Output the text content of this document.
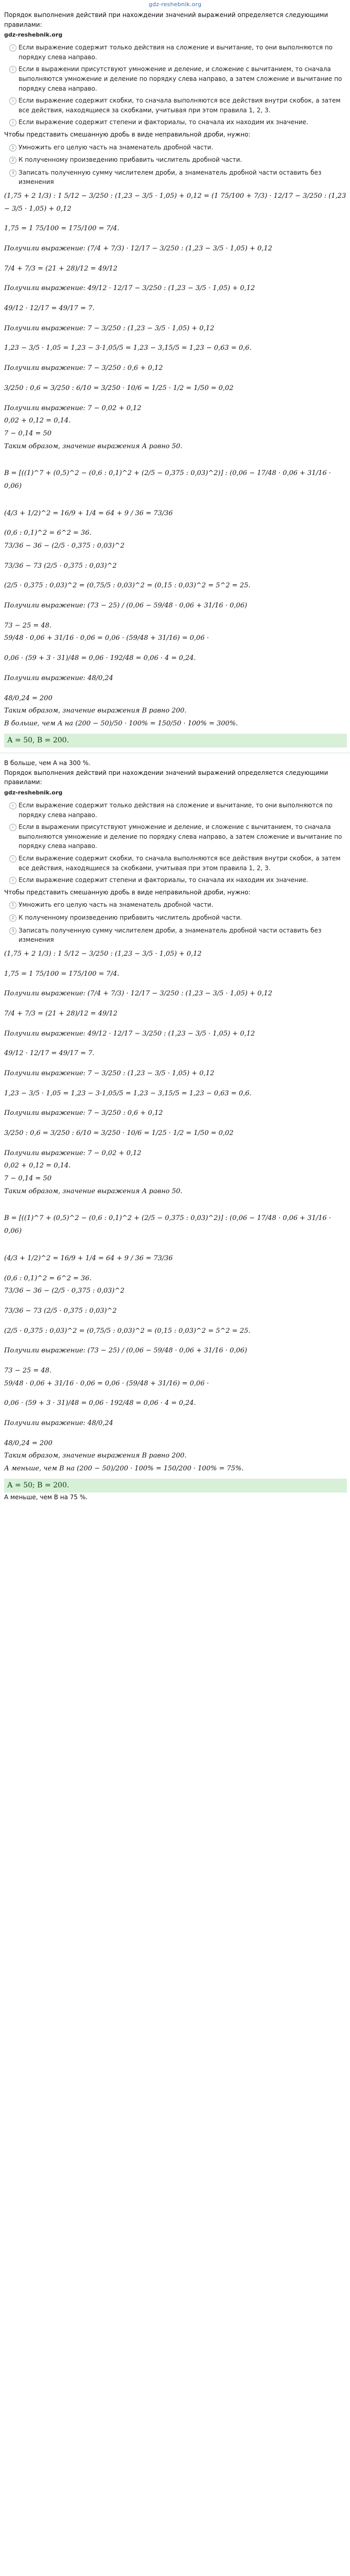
gdz-reshebnik.org

Порядок выполнения действий при нахождении значений выражений определяется следующими правилами:

gdz-reshebnik.org
i Если выражение содержит только действия на сложение и вычитание, то они выполняются по порядку слева направо.
i Если в выражении присутствуют умножение и деление, и сложение с вычитанием, то сначала выполняются умножение и деление по порядку слева направо, а затем сложение и вычитание по порядку слева направо.
i Если выражение содержит скобки, то сначала выполняются все действия внутри скобок, а затем все действия, находящиеся за скобками, учитывая при этом правила 1, 2, 3.
i Если выражение содержит степени и факториалы, то сначала их находим их значение.

Чтобы представить смешанную дробь в виде неправильной дроби, нужно:

1 Умножить его целую часть на знаменатель дробной части.
2 К полученному произведению прибавить числитель дробной части.
3 Записать полученную сумму числителем дроби, а знаменатель дробной части оставить без изменения
(1,75 + 2 1/3) : 1 5/12 − 3/250 : (1,23 − 3/5 · 1,05) + 0,12 = (1 75/100 + 7/3) · 12/17 − 3/250 : (1,23 − 3/5 · 1,05) + 0,12
1,75 = 1 75/100 = 175/100 = 7/4.
Получили выражение: (7/4 + 7/3) · 12/17 − 3/250 : (1,23 − 3/5 · 1,05) + 0,12
7/4 + 7/3 = (21 + 28)/12 = 49/12
Получили выражение: 49/12 · 12/17 − 3/250 : (1,23 − 3/5 · 1,05) + 0,12
49/12 · 12/17 = 49/17 = 7.
Получили выражение: 7 − 3/250 : (1,23 − 3/5 · 1,05) + 0,12
1,23 − 3/5 · 1,05 = 1,23 − 3·1,05/5 = 1,23 − 3,15/5 = 1,23 − 0,63 = 0,6.
Получили выражение: 7 − 3/250 : 0,6 + 0,12
3/250 : 0,6 = 3/250 : 6/10 = 3/250 · 10/6 = 1/25 · 1/2 = 1/50 = 0,02
Получили выражение: 7 − 0,02 + 0,12
0,02 + 0,12 = 0,14.
7 − 0,14 = 50
Таким образом, значение выражения А равно 50.
B = [((1)^7 + (0,5)^2 − (0,6 : 0,1)^2 + (2/5 − 0,375 : 0,03)^2)] : (0,06 − 17/48 · 0,06 + 31/16 · 0,06)
(4/3 + 1/2)^2 = 16/9 + 1/4 = 64 + 9 / 36 = 73/36
(0,6 : 0,1)^2 = 6^2 = 36.
73/36 − 36 − (2/5 · 0,375 : 0,03)^2
73/36 − 73 (2/5 · 0,375 : 0,03)^2
(2/5 · 0,375 : 0,03)^2 = (0,75/5 : 0,03)^2 = (0,15 : 0,03)^2 = 5^2 = 25.
Получили выражение: (73 − 25) / (0,06 − 59/48 · 0,06 + 31/16 · 0,06)
73 − 25 = 48.
59/48 · 0,06 + 31/16 · 0,06 = 0,06 · (59/48 + 31/16) = 0,06 ·
0,06 · (59 + 3 · 31)/48 = 0,06 · 192/48 = 0,06 · 4 = 0,24.
Получили выражение: 48/0,24
48/0,24 = 200
Таким образом, значение выражения В равно 200.
В больше, чем А на (200 − 50)/50 · 100% = 150/50 · 100% = 300%.
А = 50, В = 200.

В больше, чем А на 300 %.

Порядок выполнения действий при нахождении значений выражений определяется следующими правилами:

gdz-reshebnik.org
i Если выражение содержит только действия на сложение и вычитание, то они выполняются по порядку слева направо.
i Если в выражении присутствуют умножение и деление, и сложение с вычитанием, то сначала выполняются умножение и деление по порядку слева направо, а затем сложение и вычитание по порядку слева направо.
i Если выражение содержит скобки, то сначала выполняются все действия внутри скобок, а затем все действия, находящиеся за скобками, учитывая при этом правила 1, 2, 3.
i Если выражение содержит степени и факториалы, то сначала их находим их значение.

Чтобы представить смешанную дробь в виде неправильной дроби, нужно:

1 Умножить его целую часть на знаменатель дробной части.
2 К полученному произведению прибавить числитель дробной части.
3 Записать полученную сумму числителем дроби, а знаменатель дробной части оставить без изменения
(1,75 + 2 1/3) : 1 5/12 − 3/250 : (1,23 − 3/5 · 1,05) + 0,12
1,75 = 1 75/100 = 175/100 = 7/4.
Получили выражение: (7/4 + 7/3) · 12/17 − 3/250 : (1,23 − 3/5 · 1,05) + 0,12
7/4 + 7/3 = (21 + 28)/12 = 49/12
Получили выражение: 49/12 · 12/17 − 3/250 : (1,23 − 3/5 · 1,05) + 0,12
49/12 · 12/17 = 49/17 = 7.
Получили выражение: 7 − 3/250 : (1,23 − 3/5 · 1,05) + 0,12
1,23 − 3/5 · 1,05 = 1,23 − 3·1,05/5 = 1,23 − 3,15/5 = 1,23 − 0,63 = 0,6.
Получили выражение: 7 − 3/250 : 0,6 + 0,12
3/250 : 0,6 = 3/250 : 6/10 = 3/250 · 10/6 = 1/25 · 1/2 = 1/50 = 0,02
Получили выражение: 7 − 0,02 + 0,12
0,02 + 0,12 = 0,14.
7 − 0,14 = 50
Таким образом, значение выражения А равно 50.
B = [((1)^7 + (0,5)^2 − (0,6 : 0,1)^2 + (2/5 − 0,375 : 0,03)^2)] : (0,06 − 17/48 · 0,06 + 31/16 · 0,06)
(4/3 + 1/2)^2 = 16/9 + 1/4 = 64 + 9 / 36 = 73/36
(0,6 : 0,1)^2 = 6^2 = 36.
73/36 − 36 − (2/5 · 0,375 : 0,03)^2
73/36 − 73 (2/5 · 0,375 : 0,03)^2
(2/5 · 0,375 : 0,03)^2 = (0,75/5 : 0,03)^2 = (0,15 : 0,03)^2 = 5^2 = 25.
Получили выражение: (73 − 25) / (0,06 − 59/48 · 0,06 + 31/16 · 0,06)
73 − 25 = 48.
59/48 · 0,06 + 31/16 · 0,06 = 0,06 · (59/48 + 31/16) = 0,06 ·
0,06 · (59 + 3 · 31)/48 = 0,06 · 192/48 = 0,06 · 4 = 0,24.
Получили выражение: 48/0,24
48/0,24 = 200
Таким образом, значение выражения В равно 200.
А меньше, чем В на (200 − 50)/200 · 100% = 150/200 · 100% = 75%.
А = 50; В = 200.

А меньше, чем В на 75 %.
